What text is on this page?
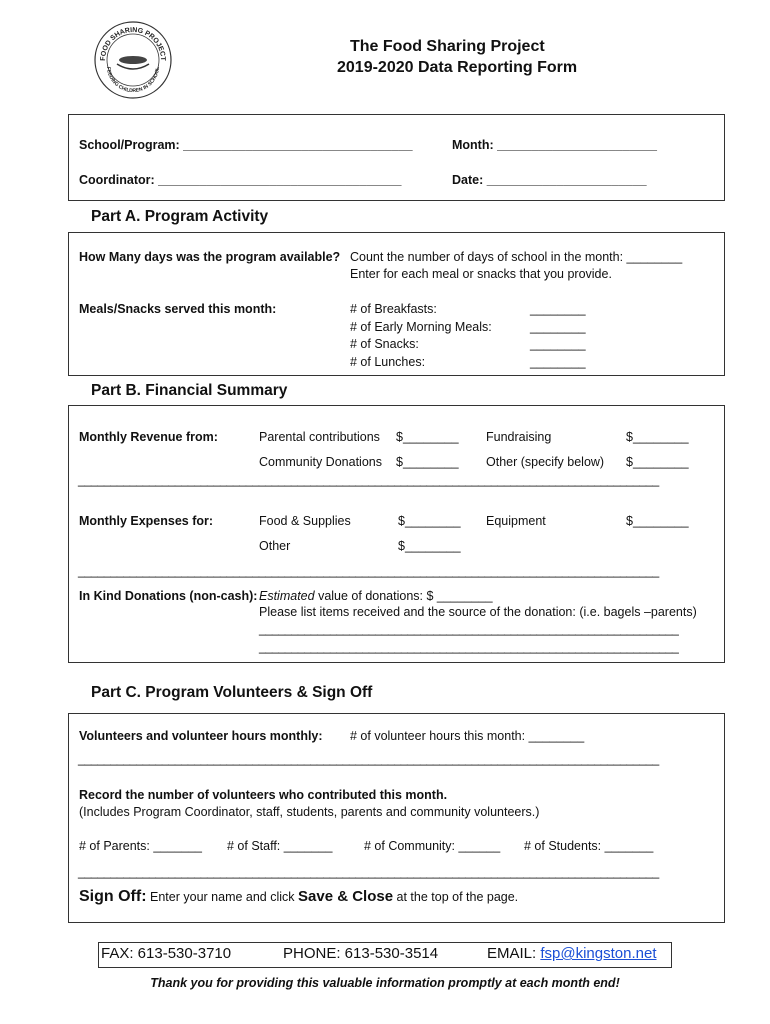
FOOD SHARING PROJECT
FEEDING CHILDREN IN SCHOOL
The Food Sharing Project
2019-2020 Data Reporting Form
School/Program: _________________________________	Month: _______________________
Coordinator: ___________________________________	Date: _______________________
Part A. Program Activity
How Many days was the program available? Count the number of days of school in the month: ________
Enter for each meal or snacks that you provide.
Meals/Snacks served this month:	# of Breakfasts:	________
# of Early Morning Meals:	________
# of Snacks:	________
# of Lunches:	________
Part B. Financial Summary
Monthly Revenue from:	Parental contributions $________ Fundraising	$________
Community Donations $________ Other (specify below) $________
__________________________________________________________________________________________
Monthly Expenses for:	Food & Supplies	$________ Equipment	$________
Other	$________
__________________________________________________________________________________________
In Kind Donations (non-cash): Estimated value of donations: $ ________
Please list items received and the source of the donation: (i.e. bagels –parents)
_________________________________________________________________
_________________________________________________________________
Part C. Program Volunteers & Sign Off
Volunteers and volunteer hours monthly: # of volunteer hours this month: ________
__________________________________________________________________________________________
Record the number of volunteers who contributed this month.
(Includes Program Coordinator, staff, students, parents and community volunteers.)
# of Parents: _______ # of Staff: _______	# of Community: ______ # of Students: _______
__________________________________________________________________________________________
Sign Off: Enter your name and click Save & Close at the top of the page.
FAX: 613-530-3710	PHONE: 613-530-3514	EMAIL: fsp@kingston.net
Thank you for providing this valuable information promptly at each month end!
